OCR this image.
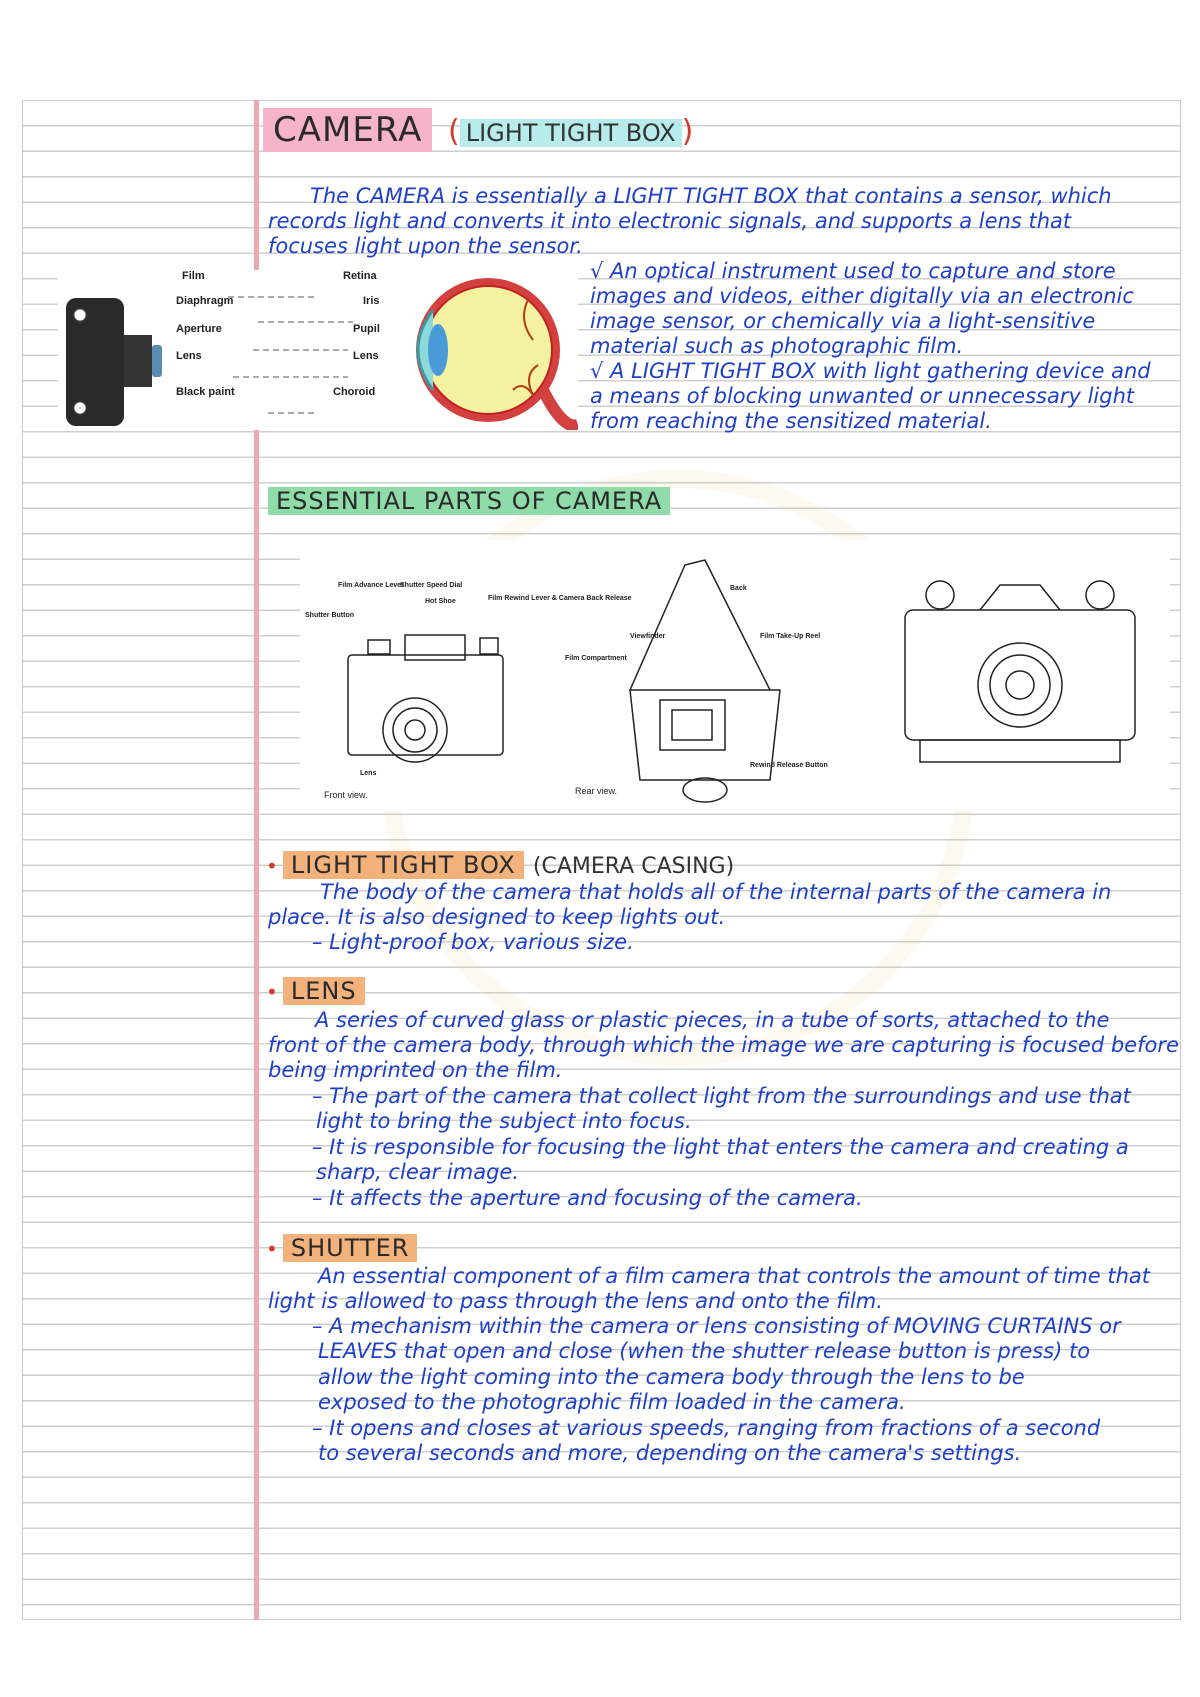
CAMERA ( LIGHT TIGHT BOX )
The CAMERA is essentially a LIGHT TIGHT BOX that contains a sensor, which
records light and converts it into electronic signals, and supports a lens that
focuses light upon the sensor.
Film
Diaphragm
Aperture
Lens
Black paint
Retina
Iris
Pupil
Lens
Choroid
√ An optical instrument used to capture and store
images and videos, either digitally via an electronic
image sensor, or chemically via a light-sensitive
material such as photographic film.
√ A LIGHT TIGHT BOX with light gathering device and
a means of blocking unwanted or unnecessary light
from reaching the sensitized material.
ESSENTIAL PARTS OF CAMERA
Film Advance Lever
Shutter Speed Dial
Hot Shoe	Film Rewind Lever & Camera Back Release
Shutter Button
Lens
Front view.
Back
Viewfinder	Film Take-Up Reel
Film Compartment
Rewind Release Button
Rear view.
• LIGHT TIGHT BOX (CAMERA CASING)
The body of the camera that holds all of the internal parts of the camera in
place. It is also designed to keep lights out.
– Light-proof box, various size.
• LENS
A series of curved glass or plastic pieces, in a tube of sorts, attached to the
front of the camera body, through which the image we are capturing is focused before
being imprinted on the film.
– The part of the camera that collect light from the surroundings and use that
light to bring the subject into focus.
– It is responsible for focusing the light that enters the camera and creating a
sharp, clear image.
– It affects the aperture and focusing of the camera.
• SHUTTER
An essential component of a film camera that controls the amount of time that
light is allowed to pass through the lens and onto the film.
– A mechanism within the camera or lens consisting of MOVING CURTAINS or
LEAVES that open and close (when the shutter release button is press) to
allow the light coming into the camera body through the lens to be
exposed to the photographic film loaded in the camera.
– It opens and closes at various speeds, ranging from fractions of a second
to several seconds and more, depending on the camera's settings.
